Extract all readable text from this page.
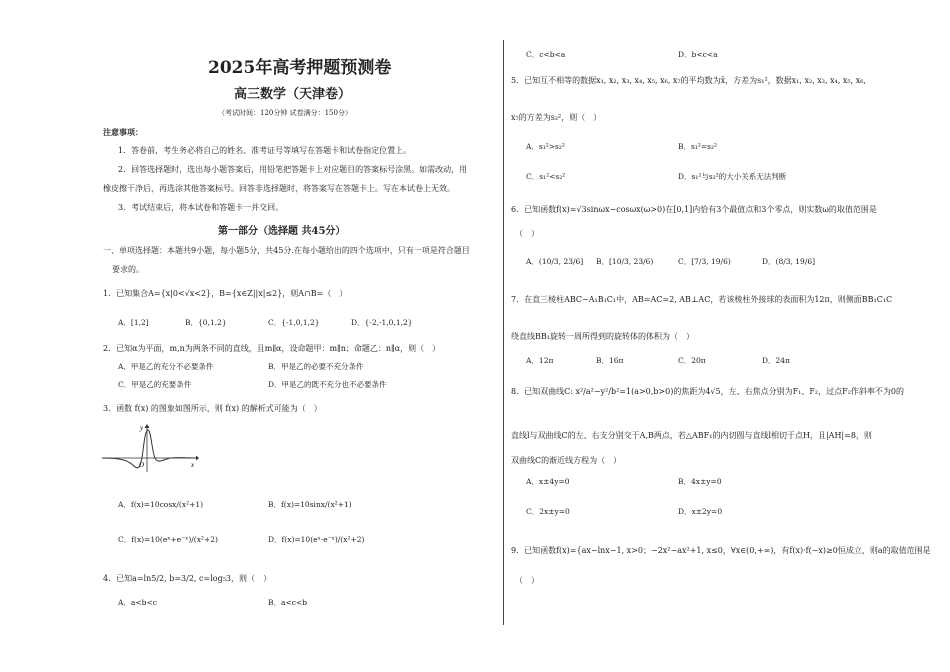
2025年高考押题预测卷
高三数学（天津卷）
（考试时间：120分钟 试卷满分：150分）
注意事项：
1．答卷前，考生务必将自己的姓名、准考证号等填写在答题卡和试卷指定位置上。
2．回答选择题时，选出每小题答案后，用铅笔把答题卡上对应题目的答案标号涂黑。如需改动，用
橡皮擦干净后，再选涂其他答案标号。回答非选择题时，将答案写在答题卡上。写在本试卷上无效。
3．考试结束后，将本试卷和答题卡一并交回。
第一部分（选择题 共45分）
一、单项选择题：本题共9小题，每小题5分，共45分.在每小题给出的四个选项中，只有一项是符合题目
要求的。
1．已知集合A={x|0<√x<2}，B={x∈Z||x|≤2}，则A∩B=（　）
A．[1,2]	B．{0,1,2}	C．{-1,0,1,2}	D．{-2,-1,0,1,2}
2．已知α为平面，m,n为两条不同的直线，且m∥α，设命题甲：m∥n；命题乙：n∥α，则（　）
A．甲是乙的充分不必要条件	B．甲是乙的必要不充分条件
C．甲是乙的充要条件	D．甲是乙的既不充分也不必要条件
3．函数 f(x) 的图象如图所示，则 f(x) 的解析式可能为（　）
y
x
O
A．f(x)=10cosx/(x²+1)	B．f(x)=10sinx/(x²+1)
C．f(x)=10(eˣ+e⁻ˣ)/(x²+2)	D．f(x)=10(eˣ-e⁻ˣ)/(x²+2)
4．已知a=ln5/2, b=3/2, c=log₅3，则（　）
A．a<b<c	B．a<c<b
C．c<b<a	D．b<c<a
5．已知互不相等的数据x₁, x₂, x₃, x₄, x₅, x₆, x₇的平均数为x̄，方差为s₁²，数据x₁, x₂, x₃, x₄, x₅, x₆,
x₇的方差为s₂²，则（　）
A．s₁²>s₂²	B．s₁²=s₂²
C．s₁²<s₂²	D．s₁²与s₂²的大小关系无法判断
6．已知函数f(x)=√3sinωx−cosωx(ω>0)在[0,1]内恰有3个最值点和3个零点，则实数ω的取值范围是
（　）
A．(10/3, 23/6] B．[10/3, 23/6)	C．[7/3, 19/6)	D．(8/3, 19/6]
7．在直三棱柱ABC−A₁B₁C₁中，AB=AC=2, AB⊥AC，若该棱柱外接球的表面积为12π，则侧面BB₁C₁C
绕直线BB₁旋转一周所得到的旋转体的体积为（　）
A．12π	B．16π	C．20π	D．24π
8．已知双曲线C: x²/a²−y²/b²=1(a>0,b>0)的焦距为4√5，左、右焦点分别为F₁、F₂，过点F₂作斜率不为0的
直线l与双曲线C的左、右支分别交于A,B两点，若△ABF₁的内切圆与直线l相切于点H，且|AH|=8，则
双曲线C的渐近线方程为（　）
A．x±4y=0	B．4x±y=0
C．2x±y=0	D．x±2y=0
9．已知函数f(x)={ax−lnx−1, x>0；−2x²−ax²+1, x≤0，∀x∈(0,+∞)，有f(x)·f(−x)≥0恒成立，则a的取值范围是
（　）
